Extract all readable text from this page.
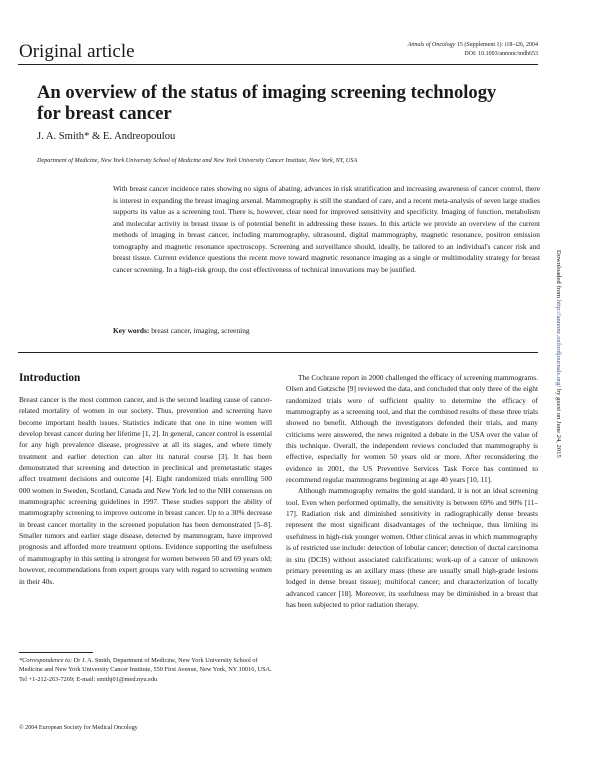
Original article	Annals of Oncology 15 (Supplement 1): i18–i26, 2004
DOI: 10.1093/annonc/mdh653
An overview of the status of imaging screening technology for breast cancer
J. A. Smith* & E. Andreopoulou
Department of Medicine, New York University School of Medicine and New York University Cancer Institute, New York, NY, USA
With breast cancer incidence rates showing no signs of abating, advances in risk stratification and increasing awareness of cancer control, there is interest in expanding the breast imaging arsenal. Mammography is still the standard of care, and a recent meta-analysis of seven large studies supports its value as a screening tool. There is, however, clear need for improved sensitivity and specificity. Imaging of function, metabolism and molecular activity in breast tissue is of potential benefit in addressing these issues. In this article we provide an overview of the current methods of imaging in breast cancer, including mammography, ultrasound, digital mammography, magnetic resonance, positron emission tomography and magnetic resonance spectroscopy. Screening and surveillance should, ideally, be tailored to an individual's cancer risk and breast tissue. Current evidence questions the recent move toward magnetic resonance imaging as a single or multimodality strategy for breast cancer screening. In a high-risk group, the cost effectiveness of technical innovations may be justified.
Key words: breast cancer, imaging, screening
Introduction

Breast cancer is the most common cancer, and is the second leading cause of cancer-related mortality of women in our society. Thus, prevention and screening have become important health issues. Statistics indicate that one in nine women will develop breast cancer during her lifetime [1, 2]. In general, cancer control is essential for any high prevalence disease, progressive at all its stages, and where timely treatment and earlier detection can alter its natural course [3]. It has been demonstrated that screening and detection in preclinical and premetastatic stages affect treatment decisions and outcome [4]. Eight randomized trials enrolling 500 000 women in Sweden, Scotland, Canada and New York led to the NIH consensus on mammographic screening guidelines in 1997. These studies support the ability of mammography screening to improve outcome in breast cancer. Up to a 30% decrease in breast cancer mortality in the screened population has been demonstrated [5–8]. Smaller tumors and earlier stage disease, detected by mammogram, have improved prognosis and afforded more treatment options. Evidence supporting the usefulness of mammography in this setting is strongest for women between 50 and 69 years old; however, recommendations from expert groups vary with regard to screening women in their 40s.

The Cochrane report in 2000 challenged the efficacy of screening mammograms. Olsen and Gøtzsche [9] reviewed the data, and concluded that only three of the eight randomized trials were of sufficient quality to determine the efficacy of mammography as a screening tool, and that the combined results of these three trials showed no benefit. Although the investigators defended their trials, and many criticisms were answered, the news reignited a debate in the USA over the value of this technique. Overall, the independent reviews concluded that mammography is effective, especially for women 50 years old or more. After reconsidering the evidence in 2001, the US Preventive Services Task Force has continued to recommend regular mammograms beginning at age 40 years [10, 11].

Although mammography remains the gold standard, it is not an ideal screening tool. Even when performed optimally, the sensitivity is between 69% and 90% [11–17]. Radiation risk and diminished sensitivity in radiographically dense breasts represent the most significant disadvantages of the technique, thus limiting its usefulness in high-risk younger women. Other clinical areas in which mammography is of restricted use include: detection of lobular cancer; detection of ductal carcinoma in situ (DCIS) without associated calcifications; work-up of a cancer of unknown primary presenting as an axillary mass (these are usually small high-grade lesions lodged in dense breast tissue); multifocal cancer; and characterization of locally advanced cancer [18]. Moreover, its usefulness may be diminished in a breast that has been subjected to prior radiation therapy.

*Correspondence to: Dr J. A. Smith, Department of Medicine, New York University School of Medicine and New York University Cancer Institute, 550 First Avenue, New York, NY 10016, USA. Tel +1-212-263-7269; E-mail: smithj01@med.nyu.edu
© 2004 European Society for Medical Oncology
Downloaded from http://annonc.oxfordjournals.org/ by guest on June 24, 2015
